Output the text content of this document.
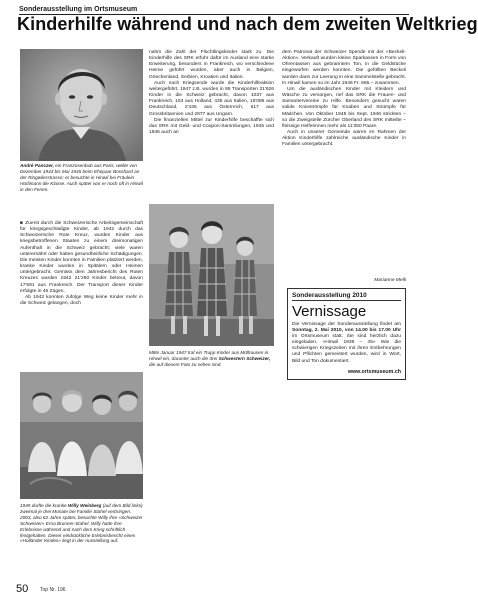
Sonderausstellung im Ortsmuseum
Kinderhilfe während und nach dem zweiten Weltkrieg
André Panczer, ein Franzosenbub aus Paris, weilte von Dezember 1943 bis Mai 1945 beim Ehepaar Bosshard an der Ringwilerstrasse; er besuchte in Hinwil bei Fräulein Hürlimann die Klasse. Auch später war er noch oft in Hinwil in den Ferien.

■ Zuerst durch die Schweizerische Arbeitsgemeinschaft für kriegsgeschädigte Kinder, ab 1942 durch das Schweizerische Rote Kreuz, wurden Kinder aus kriegsbetroffenen Staaten zu einem dreimonatigen Aufenthalt in die Schweiz gebracht; viele waren unterernährt oder hatten gesundheitliche Schädigungen. Die meisten Kinder konnten in Familien platziert werden, kranke Kinder wurden in Spitälern oder Heimen untergebracht. Gemäss dem Jahresbericht des Roten Kreuzes wurden 1942 21'260 Kinder betreut, davon 17'691 aus Frankreich. Der Transport dieser Kinder erfolgte in 45 Zügen.

Ab 1943 konnten zufolge Weg keine Kinder mehr in die Schweiz gelangen, doch

1945 durfte die kranke Willy Weinberg (auf dem Bild links) zweimal je drei Monate bei Familie Stahel verbringen. 2003, also 62 Jahre später, besuchte Willy ihre «Schweizer Schwester» Erna Brunner-Stahel. Willy hatte ihre Erlebnisse während und nach dem Krieg schriftlich festgehalten. Dieser eindrückliche Erlebnisbericht eines «Holländer Kindes» liegt in der Ausstellung auf.

nahm die Zahl der Flüchtlingskinder stark zu. Die Kinderhilfe des SRK erfuhr dafür im Ausland eine starke Erweiterung, besonders in Frankreich, wo verschiedene Heime geführt wurden, aber auch in Belgien, Griechenland, Serbien, Kroatien und Italien.

Auch nach Kriegsende wurde die Kinderhilfeaktion weitergeführt. 1947 z.B. wurden in 95 Transporten 21'626 Kinder in die Schweiz gebracht, davon 1037 aus Frankreich, 153 aus Holland, 435 aus Italien, 15'086 aus Deutschland, 2'435 aus Österreich, 617 aus Grossbritannien und 2877 aus Ungarn.

Die finanziellen Mittel zur Kinderhilfe beschaffte sich das SRK mit Geld- und Coupon-Sammlungen, 1945 und 1946 auch an

Mitte Januar 1947 traf ein Trupp Kinder aus Mülhausen in Hinwil ein, darunter auch die drei Schwestern Schweizer, die auf diesem Foto zu sehen sind.

dem Patronat der Schweizer Spende mit der «Beckeli-Aktion». Verkauft wurden kleine Sparkassen in Form von Ohrentassen aus gebranntem Ton, in die Geldstücke eingeworfen werden konnten. Die gefüllten Beckeli wurden dann zur Leerung in eine Sammelstelle gebracht. In Hinwil kamen so im Jahr 1946 Fr. 665.– zusammen.

Um die ausländischen Kinder mit Kleidern und Wäsche zu versorgen, rief das SRK die Frauen- und Samaritervereine zu Hilfe. Besonders gesucht waren solide Knieströmpfe für Knaben und Strümpfe für Mädchen. Von Oktober 1945 bis Sept. 1946 strickten – so die Zweigstelle Zürcher Oberland des SRK mitteilte – fleissige Helferinnen mehr als 11'350 Paare.

Auch in unserer Gemeinde waren im Rahmen der Aktion Kinderhilfe zahlreiche ausländische Kinder in Familien untergebracht.

Marianne Melli
Sonderausstellung 2010
Vernissage
Die Vernissage der Sonderausstellung findet am Sonntag, 2. Mai 2010, von 14.00 bis 17.00 Uhr im Ortsmuseum statt. Sie sind herzlich dazu eingeladen. «Hinwil 1939 – 45» Wie die schwierigen Kriegszeiten mit ihren Entbehrungen und Pflichten gemeistert wurden, wird in Wort, Bild und Ton dokumentiert.
www.ortsmuseum.ch
50 Top Nr. 196
